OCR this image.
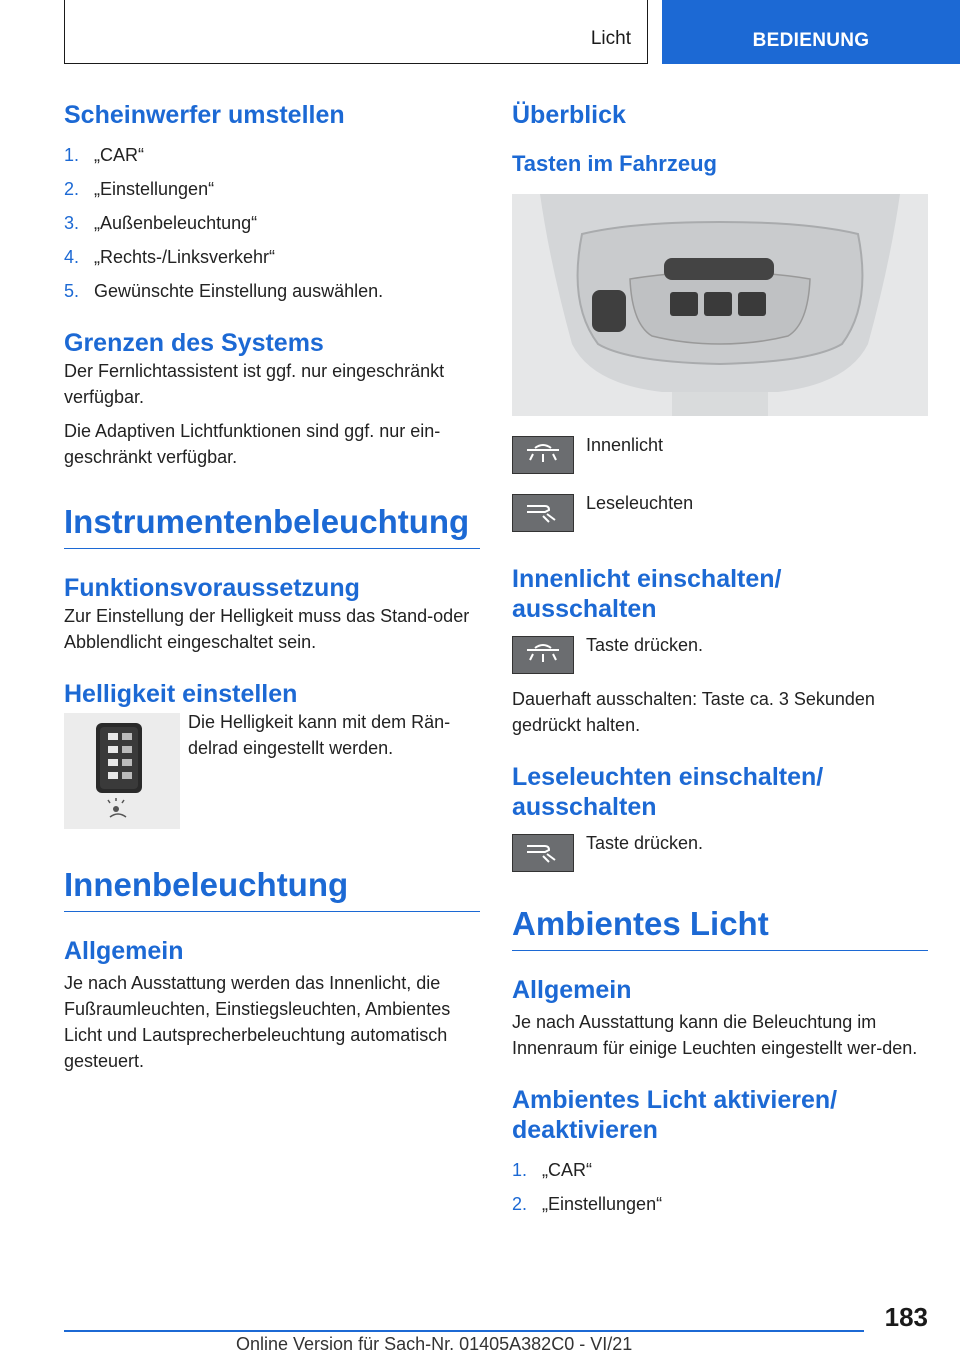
Licht	BEDIENUNG
Scheinwerfer umstellen
1. „CAR“
2. „Einstellungen“
3. „Außenbeleuchtung“
4. „Rechts-/Linksverkehr“
5. Gewünschte Einstellung auswählen.
Grenzen des Systems

Der Fernlichtassistent ist ggf. nur eingeschränkt verfügbar.

Die Adaptiven Lichtfunktionen sind ggf. nur ein‐geschränkt verfügbar.

Instrumentenbeleuchtung
Funktionsvoraussetzung

Zur Einstellung der Helligkeit muss das Stand‐oder Abblendlicht eingeschaltet sein.

Helligkeit einstellen

Die Helligkeit kann mit dem Rän‐delrad eingestellt werden.

Innenbeleuchtung
Allgemein

Je nach Ausstattung werden das Innenlicht, die Fußraumleuchten, Einstiegsleuchten, Ambientes Licht und Lautsprecherbeleuchtung automatisch gesteuert.

Überblick
Tasten im Fahrzeug

Innenlicht

Leseleuchten

Innenlicht einschalten/ ausschalten

Taste drücken.

Dauerhaft ausschalten: Taste ca. 3 Sekunden gedrückt halten.

Leseleuchten einschalten/ ausschalten

Taste drücken.

Ambientes Licht
Allgemein

Je nach Ausstattung kann die Beleuchtung im Innenraum für einige Leuchten eingestellt wer‐den.

Ambientes Licht aktivieren/ deaktivieren
1. „CAR“
2. „Einstellungen“
183
Online Version für Sach-Nr. 01405A382C0 - VI/21
